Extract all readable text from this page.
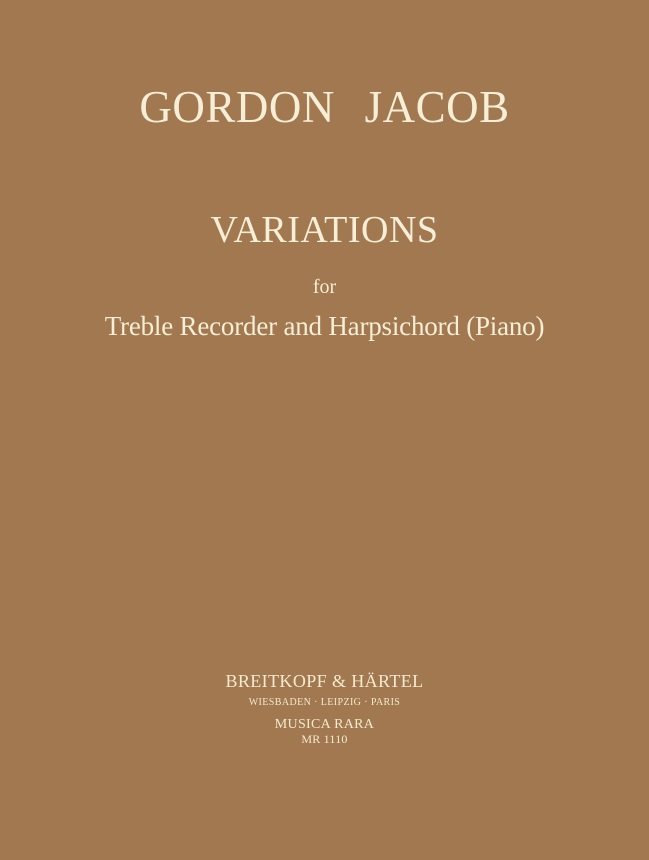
GORDON JACOB
VARIATIONS
for
Treble Recorder and Harpsichord (Piano)
BREITKOPF & HÄRTEL
WIESBADEN · LEIPZIG · PARIS
MUSICA RARA
MR 1110
